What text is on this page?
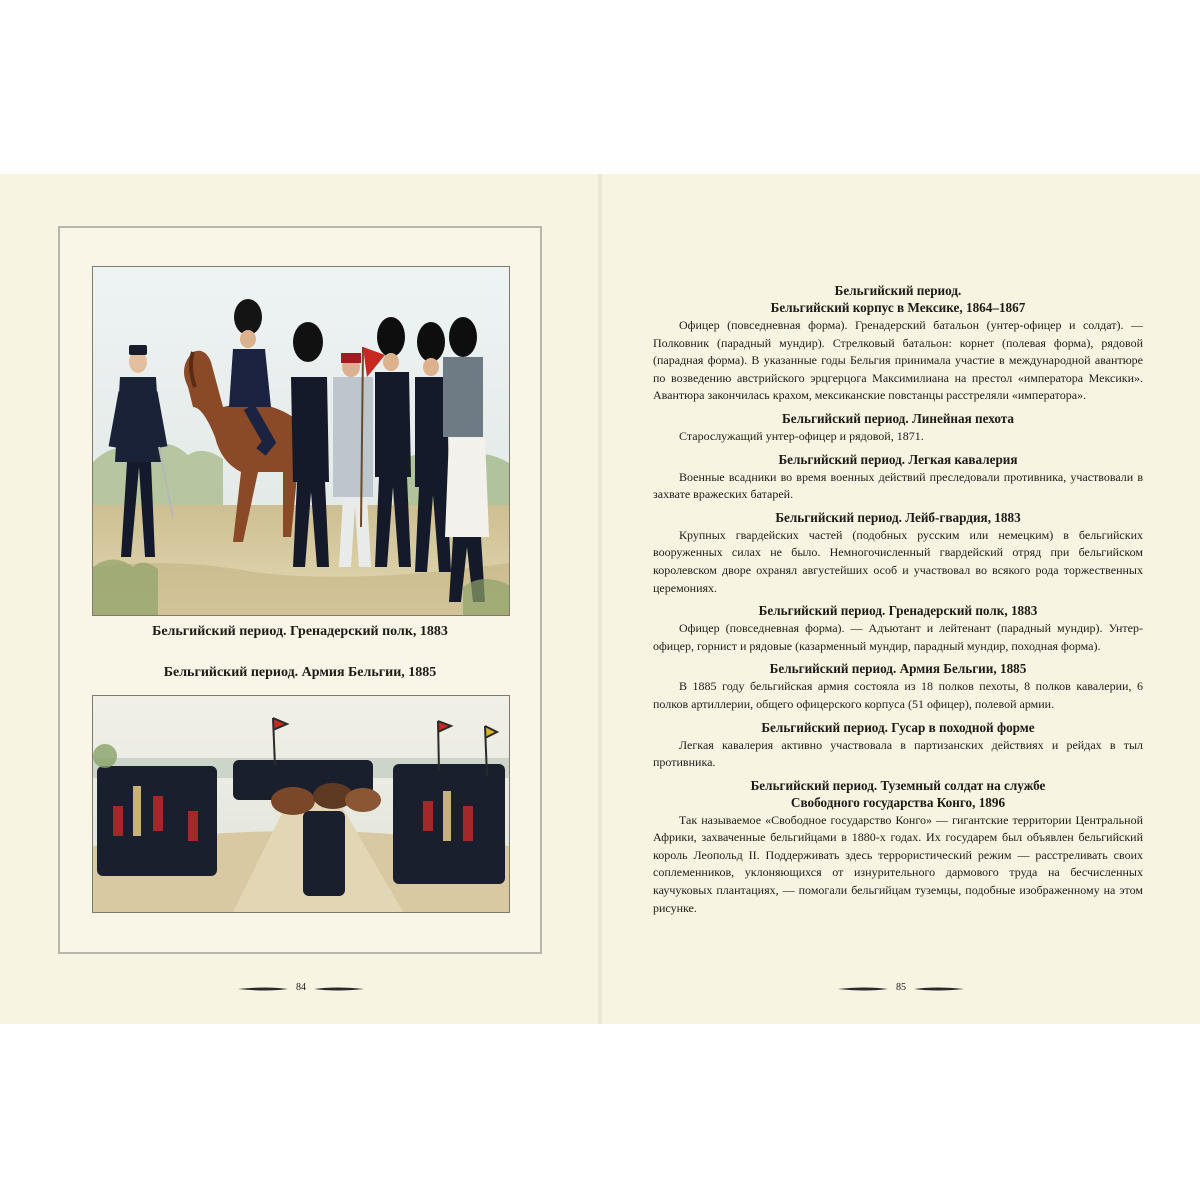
Бельгийский период. Гренадерский полк, 1883
Бельгийский период. Армия Бельгии, 1885
84
Бельгийский период.
Бельгийский корпус в Мексике, 1864–1867

Офицер (повседневная форма). Гренадерский батальон (унтер-офицер и солдат). — Полковник (парадный мундир). Стрелковый батальон: корнет (полевая форма), рядовой (парадная форма). В указанные годы Бельгия принимала участие в международной авантюре по возведению австрийского эрцгерцога Максимилиана на престол «императора Мексики». Авантюра закончилась крахом, мексиканские повстанцы расстреляли «императора».

Бельгийский период. Линейная пехота

Старослужащий унтер-офицер и рядовой, 1871.

Бельгийский период. Легкая кавалерия

Военные всадники во время военных действий преследовали противника, участвовали в захвате вражеских батарей.

Бельгийский период. Лейб-гвардия, 1883

Крупных гвардейских частей (подобных русским или немецким) в бельгийских вооруженных силах не было. Немногочисленный гвардейский отряд при бельгийском королевском дворе охранял августейших особ и участвовал во всякого рода торжественных церемониях.

Бельгийский период. Гренадерский полк, 1883

Офицер (повседневная форма). — Адъютант и лейтенант (парадный мундир). Унтер-офицер, горнист и рядовые (казарменный мундир, парадный мундир, походная форма).

Бельгийский период. Армия Бельгии, 1885

В 1885 году бельгийская армия состояла из 18 полков пехоты, 8 полков кавалерии, 6 полков артиллерии, общего офицерского корпуса (51 офицер), полевой армии.

Бельгийский период. Гусар в походной форме

Легкая кавалерия активно участвовала в партизанских действиях и рейдах в тыл противника.

Бельгийский период. Туземный солдат на службе
Свободного государства Конго, 1896

Так называемое «Свободное государство Конго» — гигантские территории Центральной Африки, захваченные бельгийцами в 1880-х годах. Их государем был объявлен бельгийский король Леопольд II. Поддерживать здесь террористический режим — расстреливать своих соплеменников, уклоняющихся от изнурительного дармового труда на бесчисленных каучуковых плантациях, — помогали бельгийцам туземцы, подобные изображенному на этом рисунке.

85
